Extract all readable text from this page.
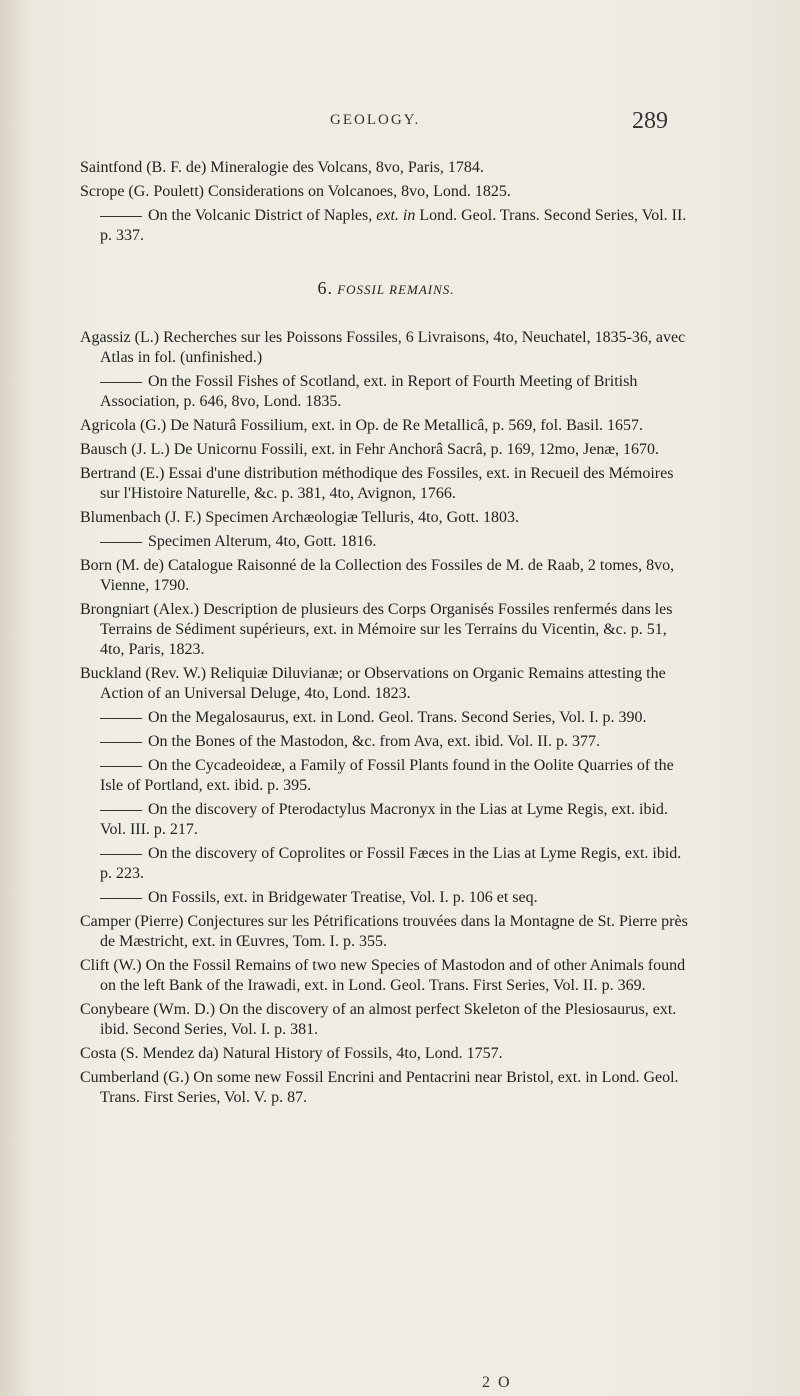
GEOLOGY.	289

Saintfond (B. F. de) Mineralogie des Volcans, 8vo, Paris, 1784.

Scrope (G. Poulett) Considerations on Volcanoes, 8vo, Lond. 1825.

On the Volcanic District of Naples, ext. in Lond. Geol. Trans. Second Series, Vol. II. p. 337.

6. FOSSIL REMAINS.

Agassiz (L.) Recherches sur les Poissons Fossiles, 6 Livraisons, 4to, Neuchatel, 1835-36, avec Atlas in fol. (unfinished.)

On the Fossil Fishes of Scotland, ext. in Report of Fourth Meeting of British Association, p. 646, 8vo, Lond. 1835.

Agricola (G.) De Naturâ Fossilium, ext. in Op. de Re Metallicâ, p. 569, fol. Basil. 1657.

Bausch (J. L.) De Unicornu Fossili, ext. in Fehr Anchorâ Sacrâ, p. 169, 12mo, Jenæ, 1670.

Bertrand (E.) Essai d'une distribution méthodique des Fossiles, ext. in Recueil des Mémoires sur l'Histoire Naturelle, &c. p. 381, 4to, Avignon, 1766.

Blumenbach (J. F.) Specimen Archæologiæ Telluris, 4to, Gott. 1803.

Specimen Alterum, 4to, Gott. 1816.

Born (M. de) Catalogue Raisonné de la Collection des Fossiles de M. de Raab, 2 tomes, 8vo, Vienne, 1790.

Brongniart (Alex.) Description de plusieurs des Corps Organisés Fossiles renfermés dans les Terrains de Sédiment supérieurs, ext. in Mémoire sur les Terrains du Vicentin, &c. p. 51, 4to, Paris, 1823.

Buckland (Rev. W.) Reliquiæ Diluvianæ; or Observations on Organic Remains attesting the Action of an Universal Deluge, 4to, Lond. 1823.

On the Megalosaurus, ext. in Lond. Geol. Trans. Second Series, Vol. I. p. 390.

On the Bones of the Mastodon, &c. from Ava, ext. ibid. Vol. II. p. 377.

On the Cycadeoideæ, a Family of Fossil Plants found in the Oolite Quarries of the Isle of Portland, ext. ibid. p. 395.

On the discovery of Pterodactylus Macronyx in the Lias at Lyme Regis, ext. ibid. Vol. III. p. 217.

On the discovery of Coprolites or Fossil Fæces in the Lias at Lyme Regis, ext. ibid. p. 223.

On Fossils, ext. in Bridgewater Treatise, Vol. I. p. 106 et seq.

Camper (Pierre) Conjectures sur les Pétrifications trouvées dans la Montagne de St. Pierre près de Mæstricht, ext. in Œuvres, Tom. I. p. 355.

Clift (W.) On the Fossil Remains of two new Species of Mastodon and of other Animals found on the left Bank of the Irawadi, ext. in Lond. Geol. Trans. First Series, Vol. II. p. 369.

Conybeare (Wm. D.) On the discovery of an almost perfect Skeleton of the Plesiosaurus, ext. ibid. Second Series, Vol. I. p. 381.

Costa (S. Mendez da) Natural History of Fossils, 4to, Lond. 1757.

Cumberland (G.) On some new Fossil Encrini and Pentacrini near Bristol, ext. in Lond. Geol. Trans. First Series, Vol. V. p. 87.

2 O
